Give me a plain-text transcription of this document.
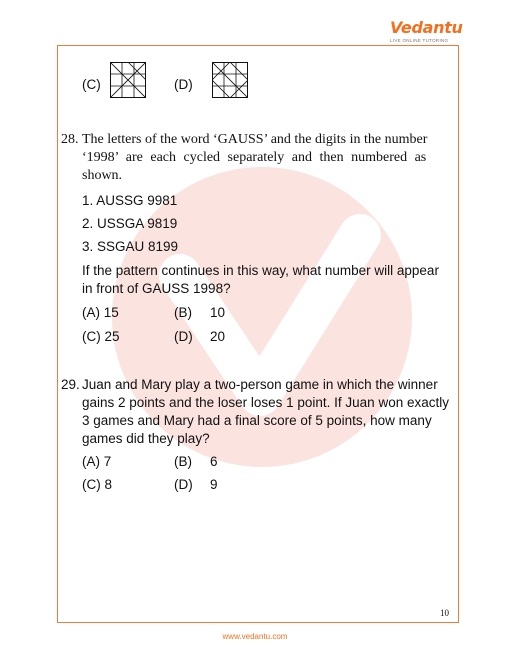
Vedantu
LIVE ONLINE TUTORING
(C)	(D)
28. The letters of the word ‘GAUSS’ and the digits in the number
‘1998’ are each cycled separately and then numbered as
shown.
1. AUSSG 9981
2. USSGA 9819
3. SSGAU 8199
If the pattern continues in this way, what number will appear
in front of GAUSS 1998?
(A) 15	(B) 10
(C) 25	(D) 20
29. Juan and Mary play a two-person game in which the winner
gains 2 points and the loser loses 1 point. If Juan won exactly
3 games and Mary had a final score of 5 points, how many
games did they play?
(A) 7	(B) 6
(C) 8	(D) 9
10
www.vedantu.com
